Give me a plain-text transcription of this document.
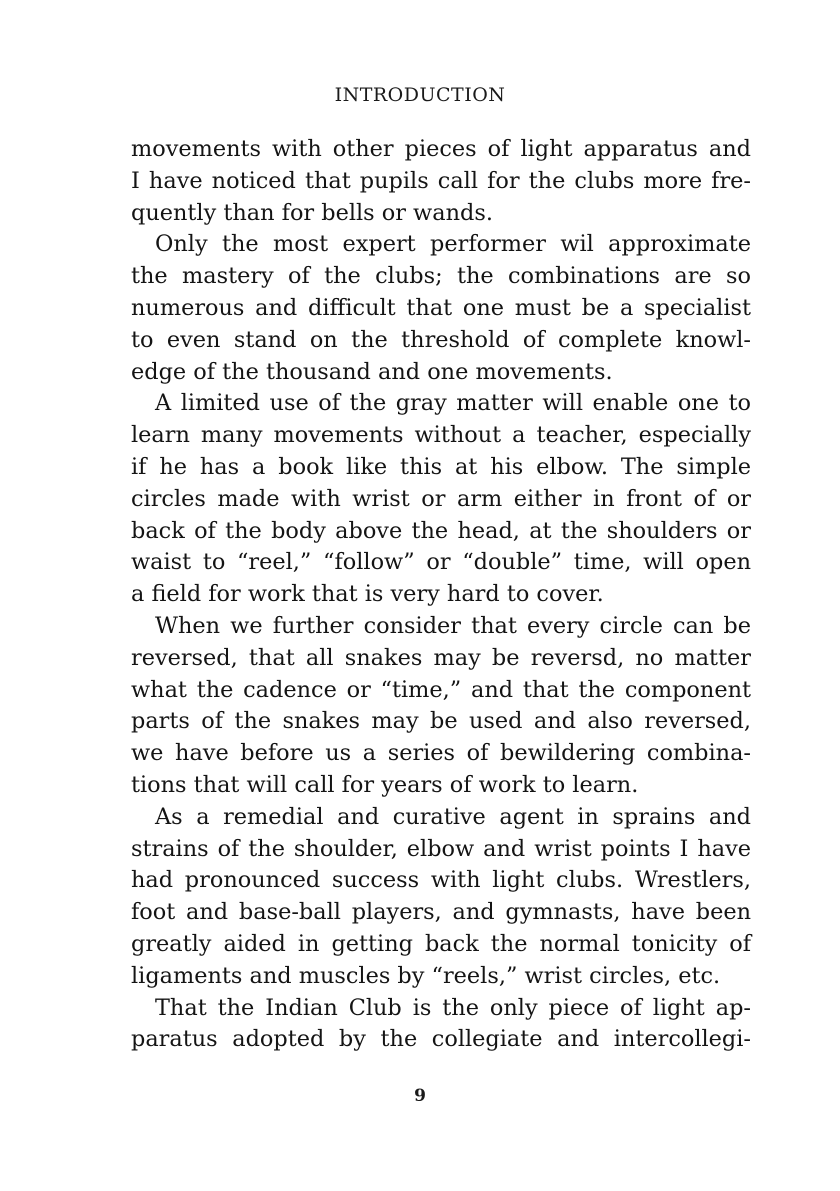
INTRODUCTION
movements with other pieces of light apparatus and
I have noticed that pupils call for the clubs more fre-
quently than for bells or wands.
Only the most expert performer wil approximate
the mastery of the clubs; the combinations are so
numerous and difficult that one must be a specialist
to even stand on the threshold of complete knowl-
edge of the thousand and one movements.
A limited use of the gray matter will enable one to
learn many movements without a teacher, especially
if he has a book like this at his elbow. The simple
circles made with wrist or arm either in front of or
back of the body above the head, at the shoulders or
waist to “reel,” “follow” or “double” time, will open
a field for work that is very hard to cover.
When we further consider that every circle can be
reversed, that all snakes may be reversd, no matter
what the cadence or “time,” and that the component
parts of the snakes may be used and also reversed,
we have before us a series of bewildering combina-
tions that will call for years of work to learn.
As a remedial and curative agent in sprains and
strains of the shoulder, elbow and wrist points I have
had pronounced success with light clubs. Wrestlers,
foot and base-ball players, and gymnasts, have been
greatly aided in getting back the normal tonicity of
ligaments and muscles by “reels,” wrist circles, etc.
That the Indian Club is the only piece of light ap-
paratus adopted by the collegiate and intercollegi-
9
